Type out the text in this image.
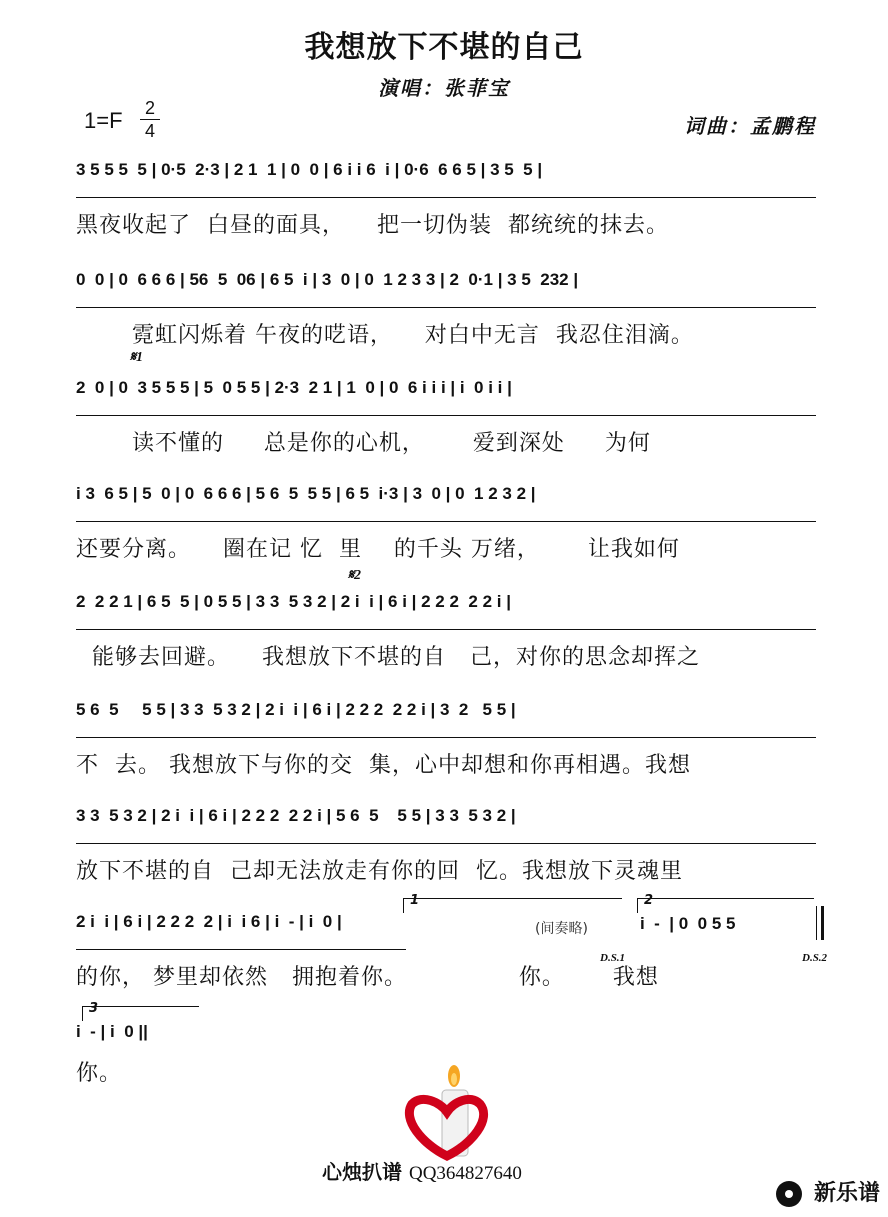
我想放下不堪的自己
演唱：张菲宝
1=F 2
4	词曲：孟鹏程
3 5 5 5  5 | 0·5  2·3 | 2 1  1 | 0  0 | 6 i i 6  i | 0·6  6 6 5 | 3 5  5 |
黑夜收起了  白昼的面具，    把一切伪装  都统统的抹去。
0  0 | 0  6 6 6 | 56  5  06 | 6 5  i | 3  0 | 0  1 2 3 3 | 2  0·1 | 3 5  232 |
霓虹闪烁着 午夜的呓语，    对白中无言  我忍住泪滴。
𝄋1
2  0 | 0  3 5 5 5 | 5  0 5 5 | 2·3  2 1 | 1  0 | 0  6 i i i | i  0 i i |
读不懂的     总是你的心机，      爱到深处     为何
i 3  6 5 | 5  0 | 0  6 6 6 | 5 6  5  5 5 | 6 5  i·3 | 3  0 | 0  1 2 3 2 |
还要分离。    圈在记 忆  里    的千头 万绪，      让我如何
𝄋2
2  2 2 1 | 6 5  5 | 0 5 5 | 3 3  5 3 2 | 2 i  i | 6 i | 2 2 2  2 2 i |
能够去回避。    我想放下不堪的自   己，对你的思念却挥之
5 6  5     5 5 | 3 3  5 3 2 | 2 i  i | 6 i | 2 2 2  2 2 i | 3  2   5 5 |
不  去。 我想放下与你的交  集，心中却想和你再相遇。我想
3 3  5 3 2 | 2 i  i | 6 i | 2 2 2  2 2 i | 5 6  5    5 5 | 3 3  5 3 2 |
放下不堪的自  己却无法放走有你的回  忆。我想放下灵魂里
1	2
2 i  i | 6 i | 2 2 2  2 | i  i 6 | i  - | i  0 |
的你， 梦里却依然   拥抱着你。              你。      我想
(间奏略)
D.S.1
i  -  | 0  0 5 5
D.S.2
3
i  - | i  0 ||
你。
心烛扒谱 QQ364827640
新乐谱
